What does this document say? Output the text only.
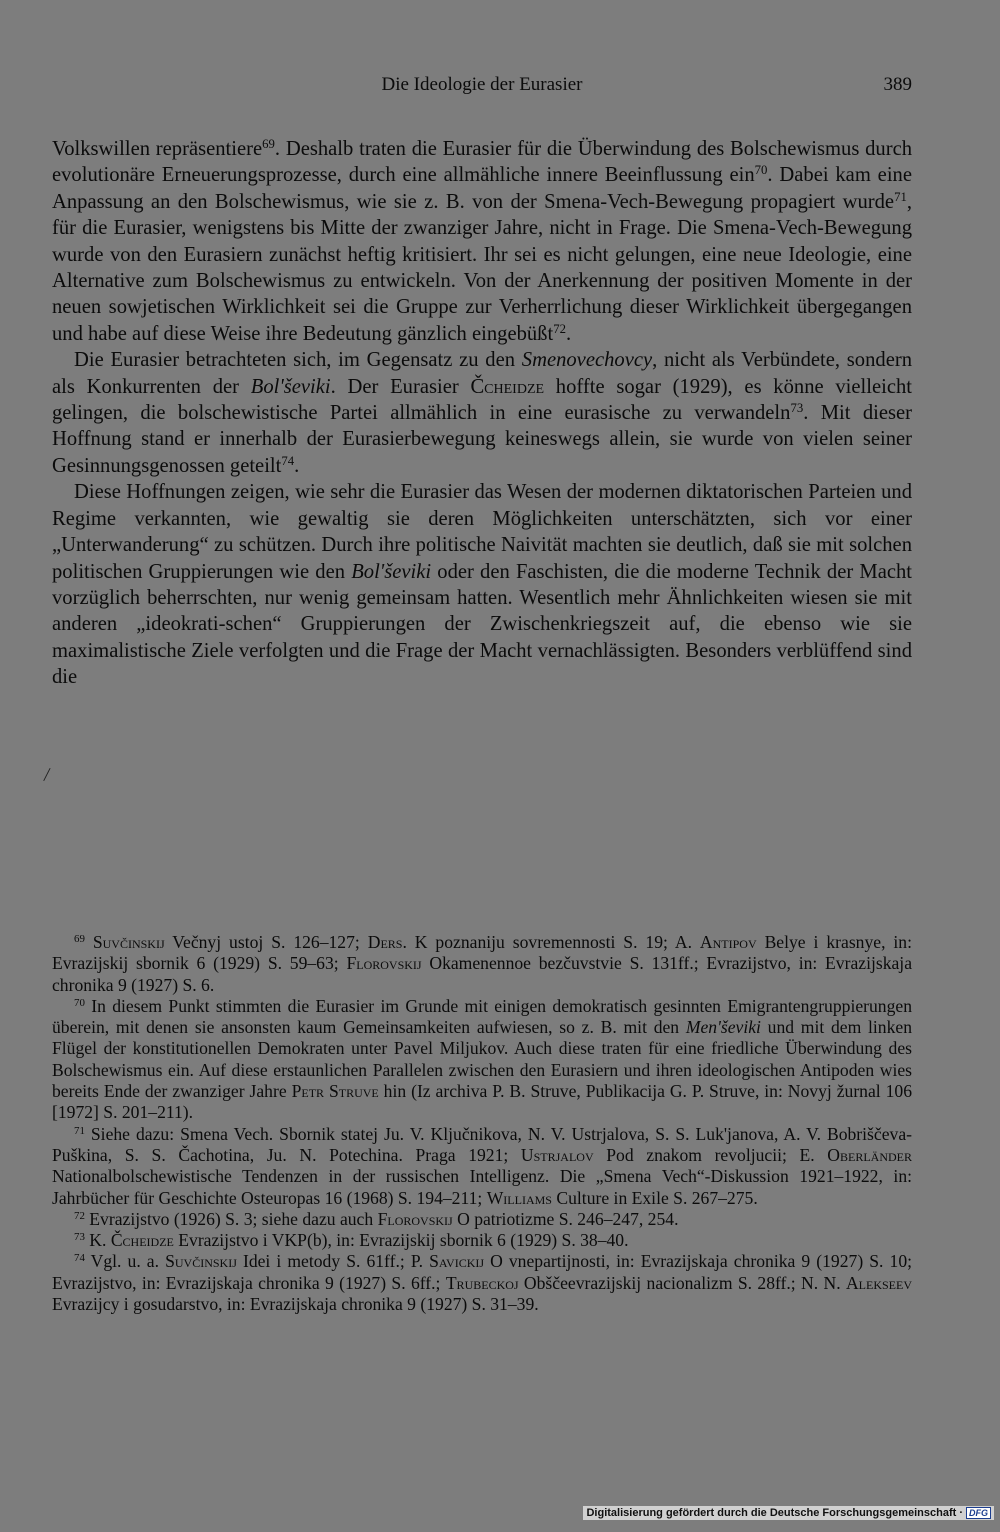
Die Ideologie der Eurasier	389

Volkswillen repräsentiere$^{69}$. Deshalb traten die Eurasier für die Überwindung des Bolschewismus durch evolutionäre Erneuerungsprozesse, durch eine allmähliche innere Beeinflussung ein$^{70}$. Dabei kam eine Anpassung an den Bolschewismus, wie sie z. B. von der Smena-Vech-Bewegung propagiert wurde$^{71}$, für die Eurasier, wenigstens bis Mitte der zwanziger Jahre, nicht in Frage. Die Smena-Vech-Bewegung wurde von den Eurasiern zunächst heftig kritisiert. Ihr sei es nicht gelungen, eine neue Ideologie, eine Alternative zum Bolschewismus zu entwickeln. Von der Anerkennung der positiven Momente in der neuen sowjetischen Wirklichkeit sei die Gruppe zur Verherrlichung dieser Wirklichkeit übergegangen und habe auf diese Weise ihre Bedeutung gänzlich eingebüßt$^{72}$.

Die Eurasier betrachteten sich, im Gegensatz zu den Smenovechovcy, nicht als Verbündete, sondern als Konkurrenten der Bol'ševiki. Der Eurasier Čcheidze hoffte sogar (1929), es könne vielleicht gelingen, die bolschewistische Partei allmählich in eine eurasische zu verwandeln$^{73}$. Mit dieser Hoffnung stand er innerhalb der Eurasierbewegung keineswegs allein, sie wurde von vielen seiner Gesinnungsgenossen geteilt$^{74}$.

Diese Hoffnungen zeigen, wie sehr die Eurasier das Wesen der modernen diktatorischen Parteien und Regime verkannten, wie gewaltig sie deren Möglichkeiten unterschätzten, sich vor einer „Unterwanderung“ zu schützen. Durch ihre politische Naivität machten sie deutlich, daß sie mit solchen politischen Gruppierungen wie den Bol'ševiki oder den Faschisten, die die moderne Technik der Macht vorzüglich beherrschten, nur wenig gemeinsam hatten. Wesentlich mehr Ähnlichkeiten wiesen sie mit anderen „ideokrati-schen“ Gruppierungen der Zwischenkriegszeit auf, die ebenso wie sie maximalistische Ziele verfolgten und die Frage der Macht vernachlässigten. Besonders verblüffend sind die

/

$^{69}$ Suvčinskij Večnyj ustoj S. 126–127; Ders. K poznaniju sovremennosti S. 19; A. Antipov Belye i krasnye, in: Evrazijskij sbornik 6 (1929) S. 59–63; Florovskij Okamenennoe bezčuvstvie S. 131ff.; Evrazijstvo, in: Evrazijskaja chronika 9 (1927) S. 6.

$^{70}$ In diesem Punkt stimmten die Eurasier im Grunde mit einigen demokratisch gesinnten Emigrantengruppierungen überein, mit denen sie ansonsten kaum Gemeinsamkeiten aufwiesen, so z. B. mit den Men'ševiki und mit dem linken Flügel der konstitutionellen Demokraten unter Pavel Miljukov. Auch diese traten für eine friedliche Überwindung des Bolschewismus ein. Auf diese erstaunlichen Parallelen zwischen den Eurasiern und ihren ideologischen Antipoden wies bereits Ende der zwanziger Jahre Petr Struve hin (Iz archiva P. B. Struve, Publikacija G. P. Struve, in: Novyj žurnal 106 [1972] S. 201–211).

$^{71}$ Siehe dazu: Smena Vech. Sbornik statej Ju. V. Ključnikova, N. V. Ustrjalova, S. S. Luk'janova, A. V. Bobriščeva-Puškina, S. S. Čachotina, Ju. N. Potechina. Praga 1921; Ustrjalov Pod znakom revoljucii; E. Oberländer Nationalbolschewistische Tendenzen in der russischen Intelligenz. Die „Smena Vech“-Diskussion 1921–1922, in: Jahrbücher für Geschichte Osteuropas 16 (1968) S. 194–211; Williams Culture in Exile S. 267–275.

$^{72}$ Evrazijstvo (1926) S. 3; siehe dazu auch Florovskij O patriotizme S. 246–247, 254.

$^{73}$ K. Čcheidze Evrazijstvo i VKP(b), in: Evrazijskij sbornik 6 (1929) S. 38–40.

$^{74}$ Vgl. u. a. Suvčinskij Idei i metody S. 61ff.; P. Savickij O vnepartijnosti, in: Evrazijskaja chronika 9 (1927) S. 10; Evrazijstvo, in: Evrazijskaja chronika 9 (1927) S. 6ff.; Trubeckoj Obščeevrazijskij nacionalizm S. 28ff.; N. N. Alekseev Evrazijcy i gosudarstvo, in: Evrazijskaja chronika 9 (1927) S. 31–39.

Digitalisierung gefördert durch die Deutsche Forschungsgemeinschaft · DFG
